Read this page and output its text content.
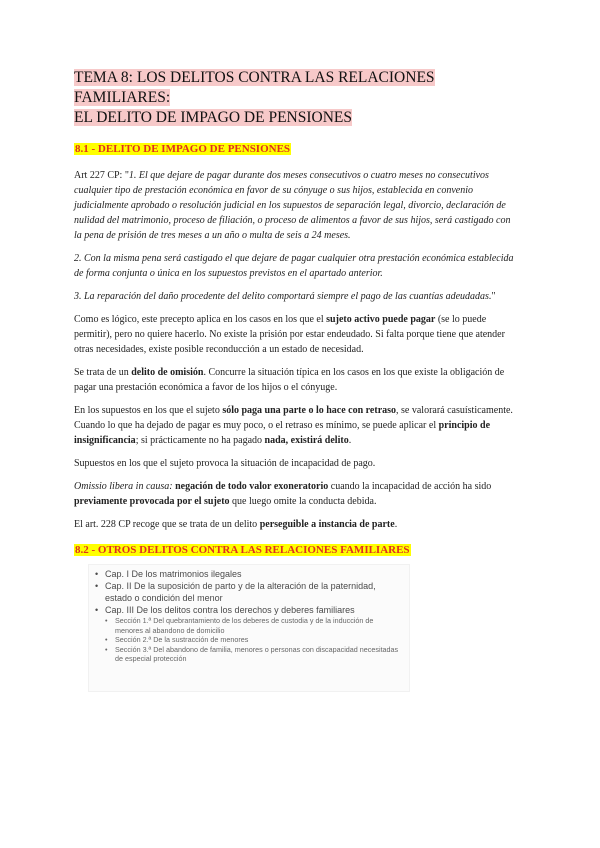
TEMA 8: LOS DELITOS CONTRA LAS RELACIONES FAMILIARES:
EL DELITO DE IMPAGO DE PENSIONES
8.1 - DELITO DE IMPAGO DE PENSIONES

Art 227 CP: "1. El que dejare de pagar durante dos meses consecutivos o cuatro meses no consecutivos cualquier tipo de prestación económica en favor de su cónyuge o sus hijos, establecida en convenio judicialmente aprobado o resolución judicial en los supuestos de separación legal, divorcio, declaración de nulidad del matrimonio, proceso de filiación, o proceso de alimentos a favor de sus hijos, será castigado con la pena de prisión de tres meses a un año o multa de seis a 24 meses.

2. Con la misma pena será castigado el que dejare de pagar cualquier otra prestación económica establecida de forma conjunta o única en los supuestos previstos en el apartado anterior.

3. La reparación del daño procedente del delito comportará siempre el pago de las cuantías adeudadas."

Como es lógico, este precepto aplica en los casos en los que el sujeto activo puede pagar (se lo puede permitir), pero no quiere hacerlo. No existe la prisión por estar endeudado. Si falta porque tiene que atender otras necesidades, existe posible reconducción a un estado de necesidad.

Se trata de un delito de omisión. Concurre la situación típica en los casos en los que existe la obligación de pagar una prestación económica a favor de los hijos o el cónyuge.

En los supuestos en los que el sujeto sólo paga una parte o lo hace con retraso, se valorará casuísticamente. Cuando lo que ha dejado de pagar es muy poco, o el retraso es mínimo, se puede aplicar el principio de insignificancia; si prácticamente no ha pagado nada, existirá delito.

Supuestos en los que el sujeto provoca la situación de incapacidad de pago.

Omissio libera in causa: negación de todo valor exoneratorio cuando la incapacidad de acción ha sido previamente provocada por el sujeto que luego omite la conducta debida.

El art. 228 CP recoge que se trata de un delito perseguible a instancia de parte.

8.2 - OTROS DELITOS CONTRA LAS RELACIONES FAMILIARES
• Cap. I De los matrimonios ilegales
• Cap. II De la suposición de parto y de la alteración de la paternidad, estado o condición del menor
• Cap. III De los delitos contra los derechos y deberes familiares
• Sección 1.ª Del quebrantamiento de los deberes de custodia y de la inducción de menores al abandono de domicilio
• Sección 2.ª De la sustracción de menores
• Sección 3.ª Del abandono de familia, menores o personas con discapacidad necesitadas de especial protección
